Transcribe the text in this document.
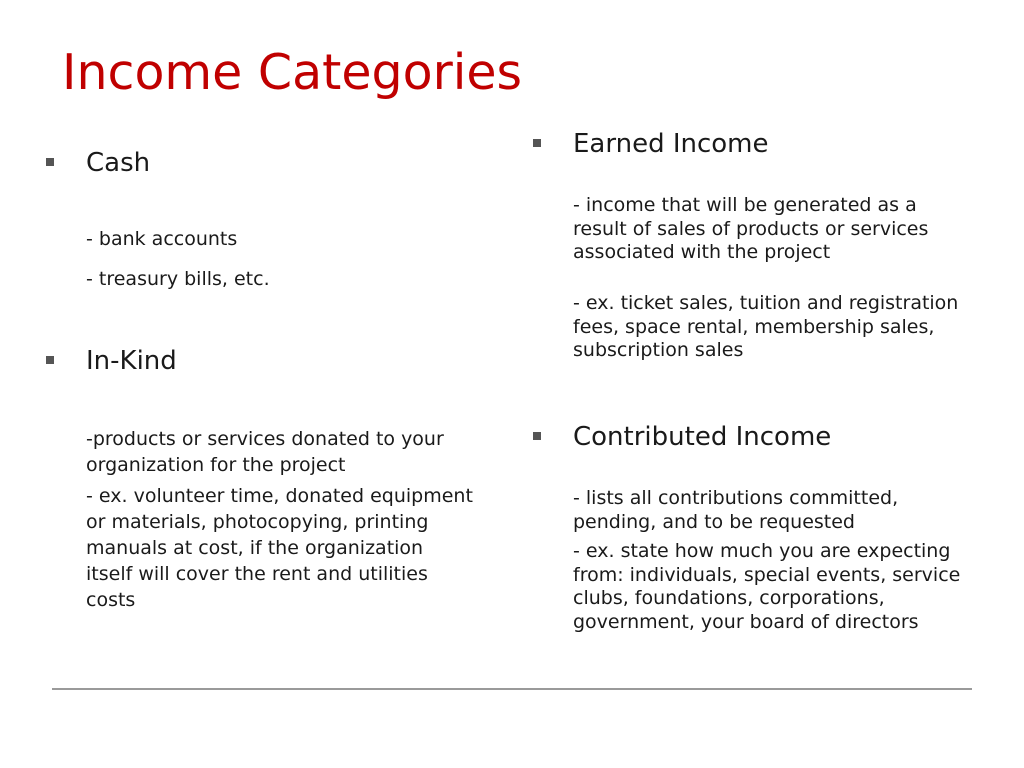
Income Categories
Cash

- bank accounts

- treasury bills, etc.

In-Kind

-products or services donated to your organization for the project

- ex. volunteer time, donated equipment or materials, photocopying, printing manuals at cost, if the organization itself will cover the rent and utilities costs

Earned Income

- income that will be generated as a result of sales of products or services associated with the project

- ex. ticket sales, tuition and registration fees, space rental, membership sales, subscription sales

Contributed Income

- lists all contributions committed, pending, and to be requested

- ex. state how much you are expecting from: individuals, special events, service clubs, foundations, corporations, government, your board of directors
